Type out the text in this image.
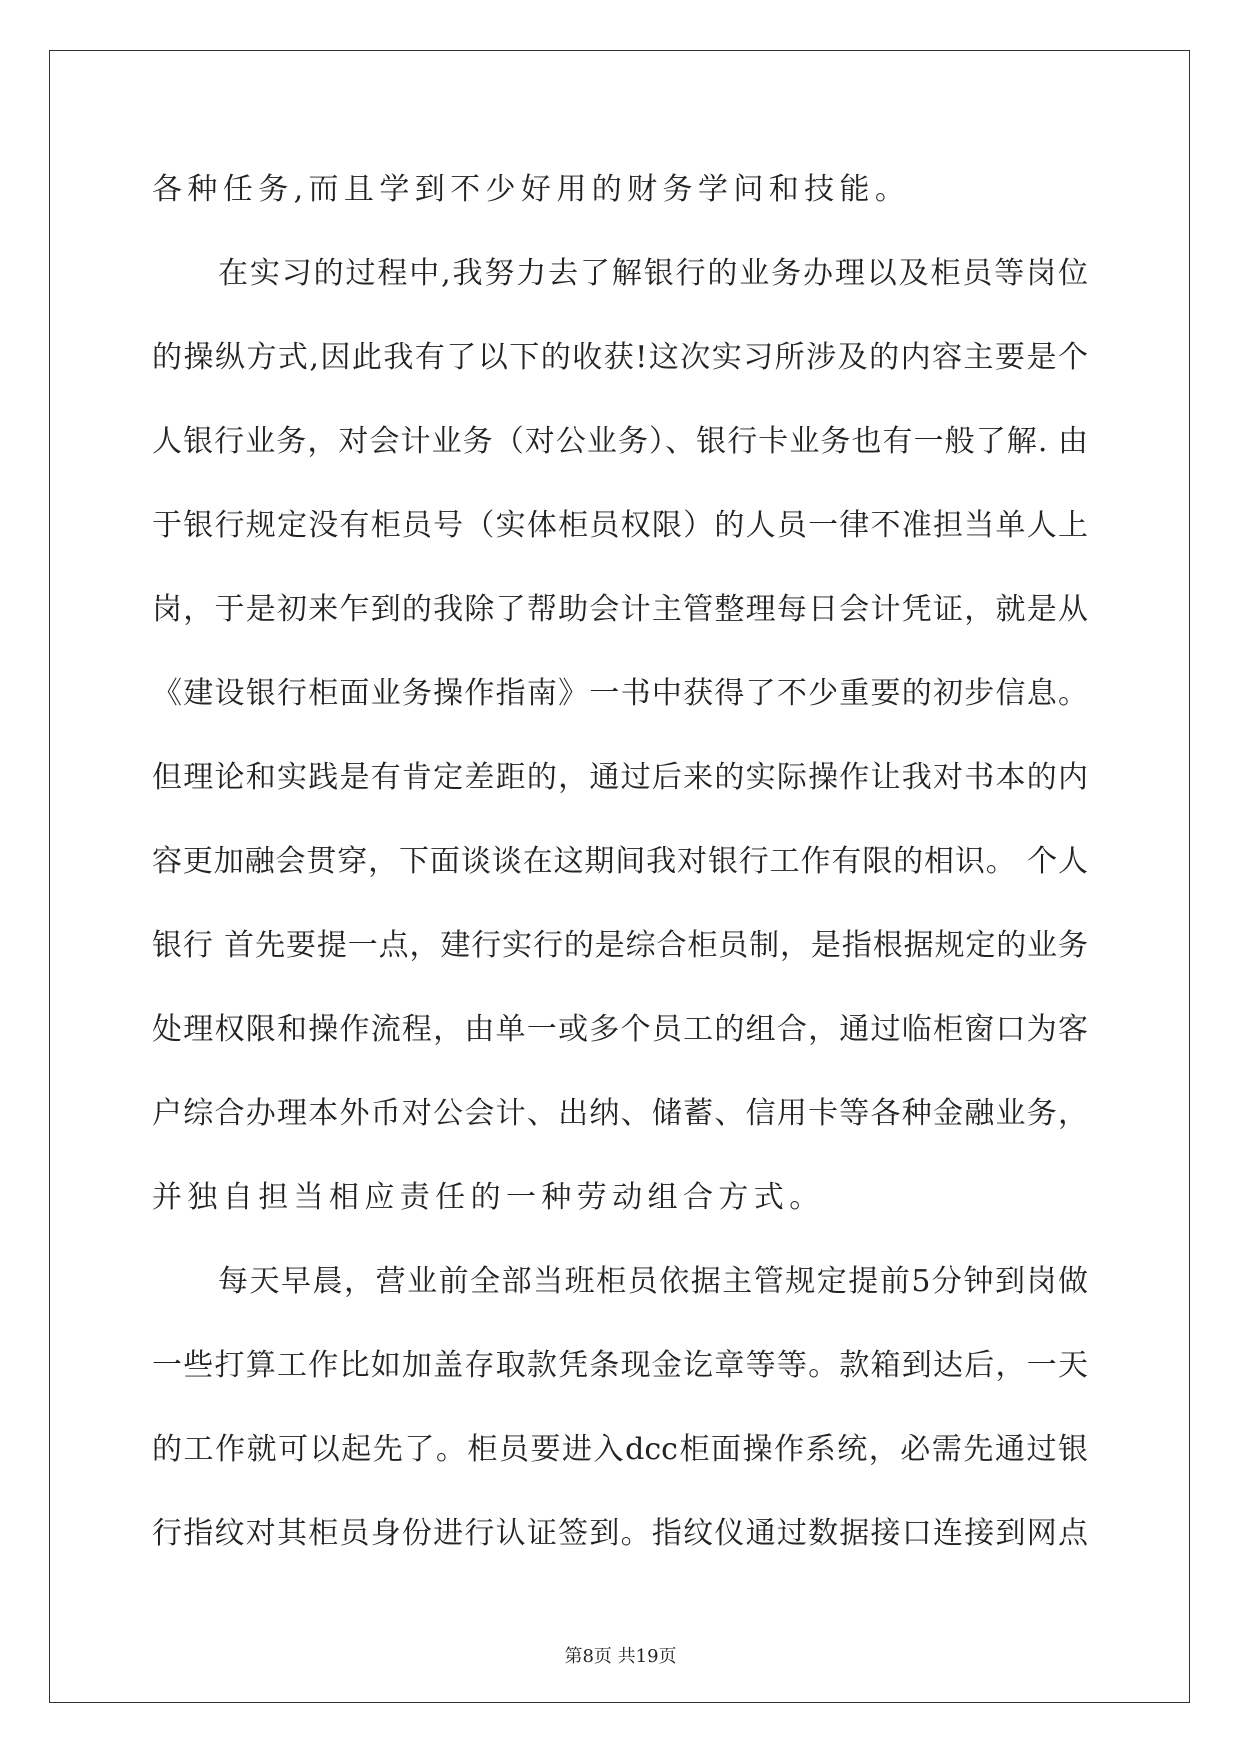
各种任务,而且学到不少好用的财务学问和技能。
在实习的过程中,我努力去了解银行的业务办理以及柜员等岗位
的操纵方式,因此我有了以下的收获!这次实习所涉及的内容主要是个
人银行业务，对会计业务（对公业务）、银行卡业务也有一般了解. 由
于银行规定没有柜员号（实体柜员权限）的人员一律不准担当单人上
岗，于是初来乍到的我除了帮助会计主管整理每日会计凭证，就是从
《建设银行柜面业务操作指南》一书中获得了不少重要的初步信息。
但理论和实践是有肯定差距的，通过后来的实际操作让我对书本的内
容更加融会贯穿，下面谈谈在这期间我对银行工作有限的相识。 个人
银行 首先要提一点，建行实行的是综合柜员制，是指根据规定的业务
处理权限和操作流程，由单一或多个员工的组合，通过临柜窗口为客
户综合办理本外币对公会计、出纳、储蓄、信用卡等各种金融业务，
并独自担当相应责任的一种劳动组合方式。
每天早晨，营业前全部当班柜员依据主管规定提前5分钟到岗做
一些打算工作比如加盖存取款凭条现金讫章等等。款箱到达后，一天
的工作就可以起先了。柜员要进入dcc柜面操作系统，必需先通过银
行指纹对其柜员身份进行认证签到。指纹仪通过数据接口连接到网点
第8页 共19页
